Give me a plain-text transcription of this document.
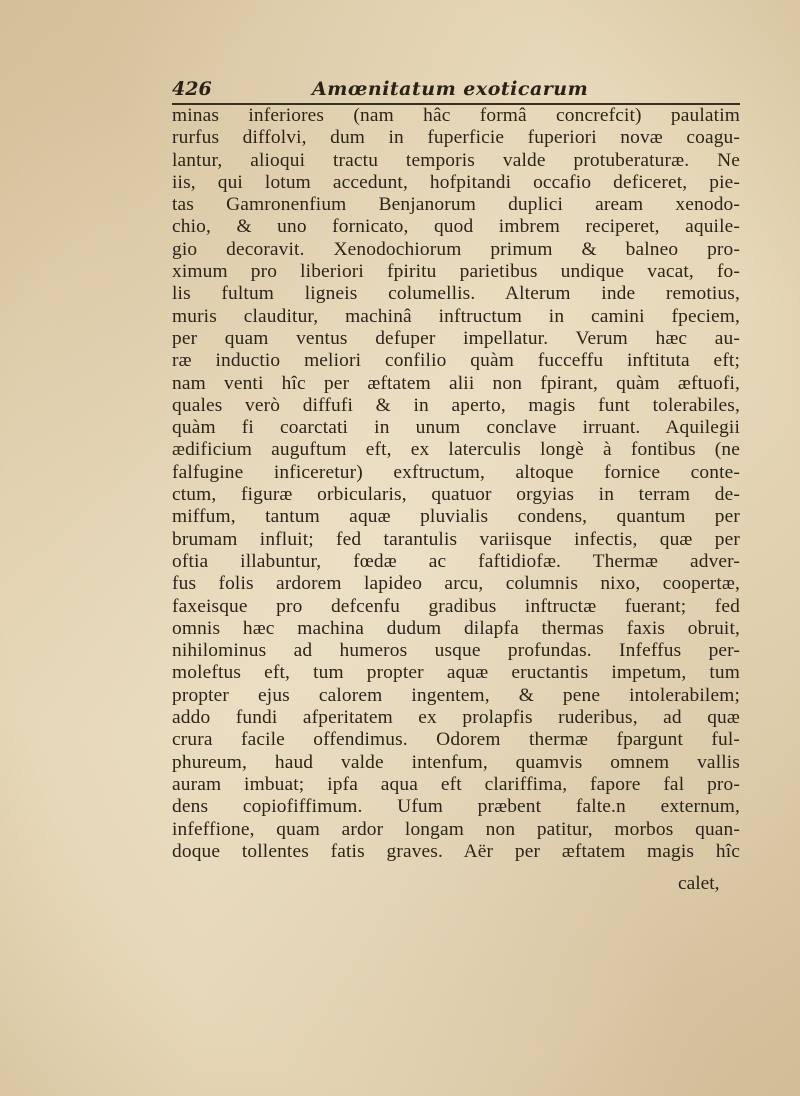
426	Amœnitatum exoticarum
minas inferiores (nam hâc formâ concrefcit) paulatim
rurfus diffolvi, dum in fuperficie fuperiori novæ coagu-
lantur, alioqui tractu temporis valde protuberaturæ. Ne
iis, qui lotum accedunt, hofpitandi occafio deficeret, pie-
tas Gamronenfium Benjanorum duplici aream xenodo-
chio, & uno fornicato, quod imbrem reciperet, aquile-
gio decoravit. Xenodochiorum primum & balneo pro-
ximum pro liberiori fpiritu parietibus undique vacat, fo-
lis fultum ligneis columellis. Alterum inde remotius,
muris clauditur, machinâ inftructum in camini fpeciem,
per quam ventus defuper impellatur. Verum hæc au-
ræ inductio meliori confilio quàm fucceffu inftituta eft;
nam venti hîc per æftatem alii non fpirant, quàm æftuofi,
quales verò diffufi & in aperto, magis funt tolerabiles,
quàm fi coarctati in unum conclave irruant. Aquilegii
ædificium auguftum eft, ex laterculis longè à fontibus (ne
falfugine inficeretur) exftructum, altoque fornice conte-
ctum, figuræ orbicularis, quatuor orgyias in terram de-
miffum, tantum aquæ pluvialis condens, quantum per
brumam influit; fed tarantulis variisque infectis, quæ per
oftia illabuntur, fœdæ ac faftidiofæ. Thermæ adver-
fus folis ardorem lapideo arcu, columnis nixo, coopertæ,
faxeisque pro defcenfu gradibus inftructæ fuerant; fed
omnis hæc machina dudum dilapfa thermas faxis obruit,
nihilominus ad humeros usque profundas. Infeffus per-
moleftus eft, tum propter aquæ eructantis impetum, tum
propter ejus calorem ingentem, & pene intolerabilem;
addo fundi afperitatem ex prolapfis ruderibus, ad quæ
crura facile offendimus. Odorem thermæ fpargunt ful-
phureum, haud valde intenfum, quamvis omnem vallis
auram imbuat; ipfa aqua eft clariffima, fapore fal pro-
dens copiofiffimum. Ufum præbent falte.n externum,
infeffione, quam ardor longam non patitur, morbos quan-
doque tollentes fatis graves. Aër per æftatem magis hîc
calet,
